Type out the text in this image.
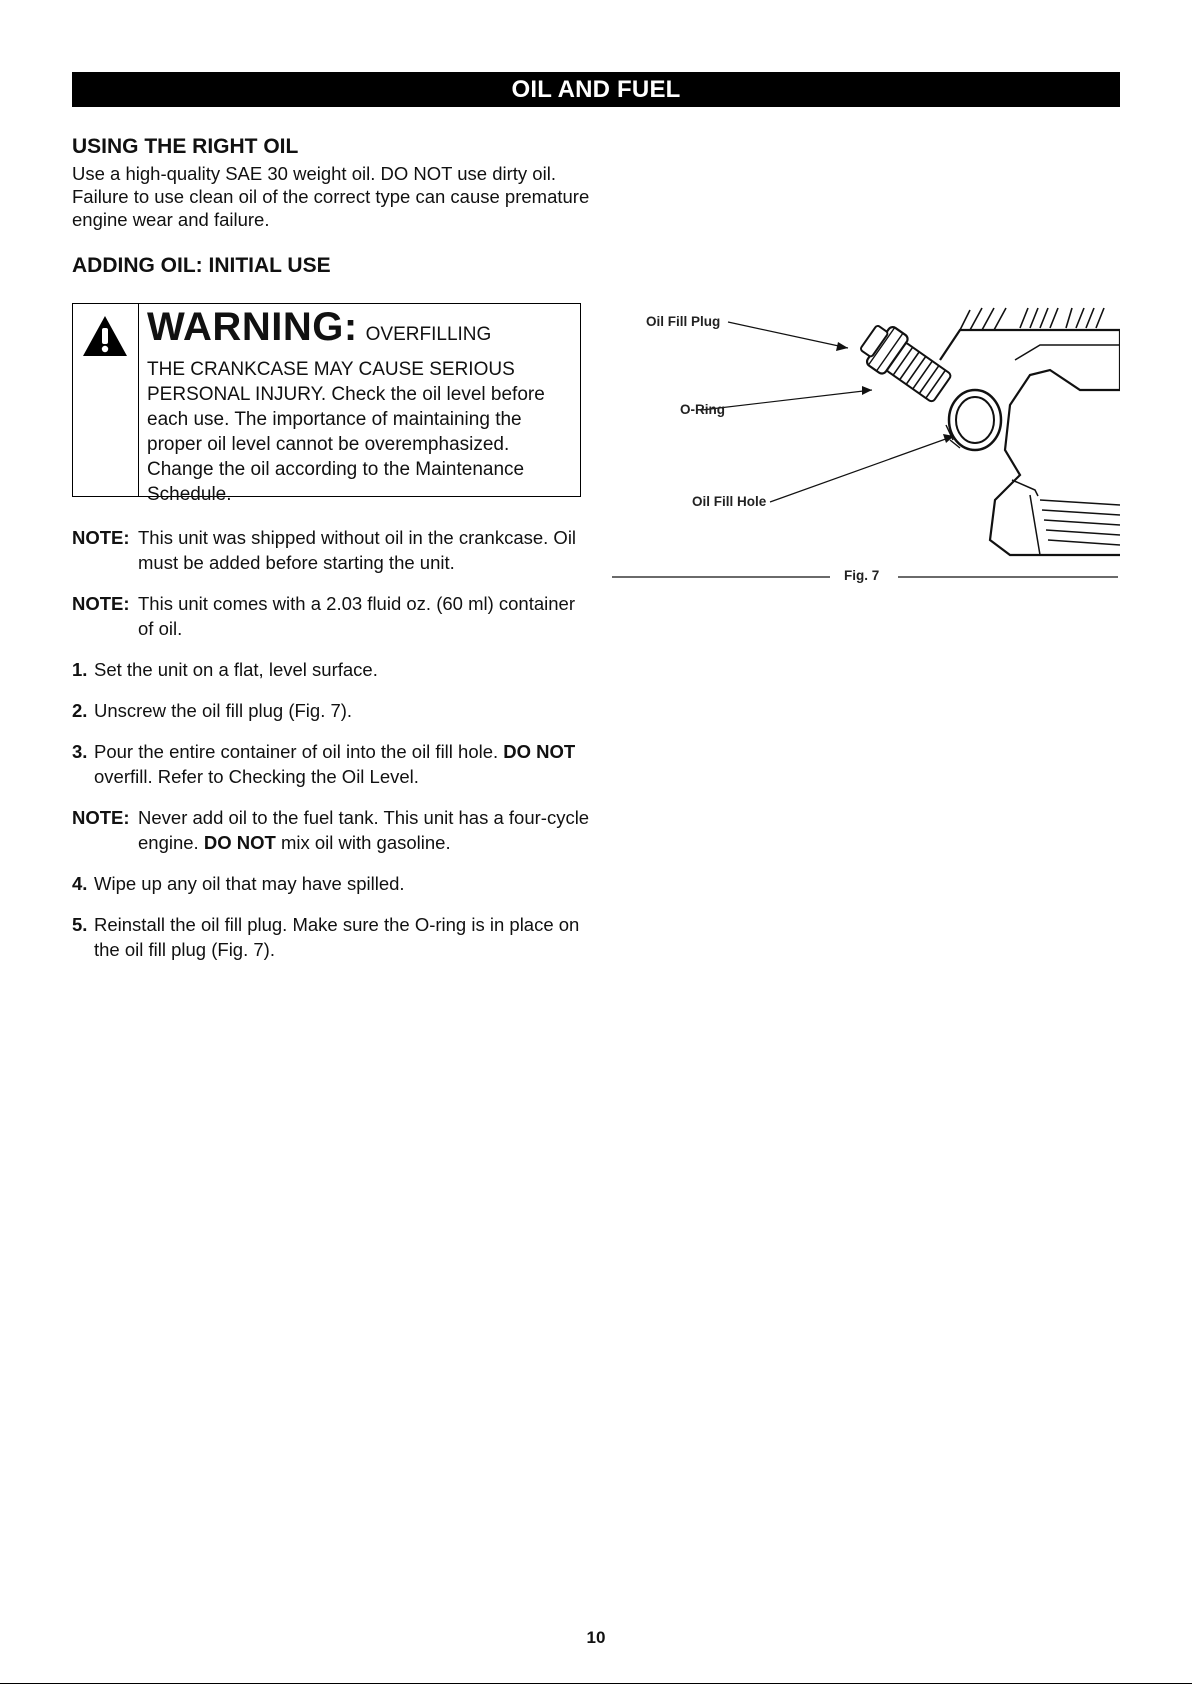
OIL AND FUEL
USING THE RIGHT OIL

Use a high-quality SAE 30 weight oil. DO NOT use dirty oil. Failure to use clean oil of the correct type can cause premature engine wear and failure.

ADDING OIL: INITIAL USE
WARNING: OVERFILLING

THE CRANKCASE MAY CAUSE SERIOUS PERSONAL INJURY. Check the oil level before each use. The importance of maintaining the proper oil level cannot be overemphasized. Change the oil according to the Maintenance Schedule.

NOTE: This unit was shipped without oil in the crankcase. Oil must be added before starting the unit.
NOTE: This unit comes with a 2.03 fluid oz. (60 ml) container of oil.
1. Set the unit on a flat, level surface.
2. Unscrew the oil fill plug (Fig. 7).
3. Pour the entire container of oil into the oil fill hole. DO NOT overfill. Refer to Checking the Oil Level.
NOTE: Never add oil to the fuel tank. This unit has a four-cycle engine. DO NOT mix oil with gasoline.
4. Wipe up any oil that may have spilled.
5. Reinstall the oil fill plug. Make sure the O-ring is in place on the oil fill plug (Fig. 7).
Oil Fill Plug
O-Ring
Oil Fill Hole
Fig. 7
10
